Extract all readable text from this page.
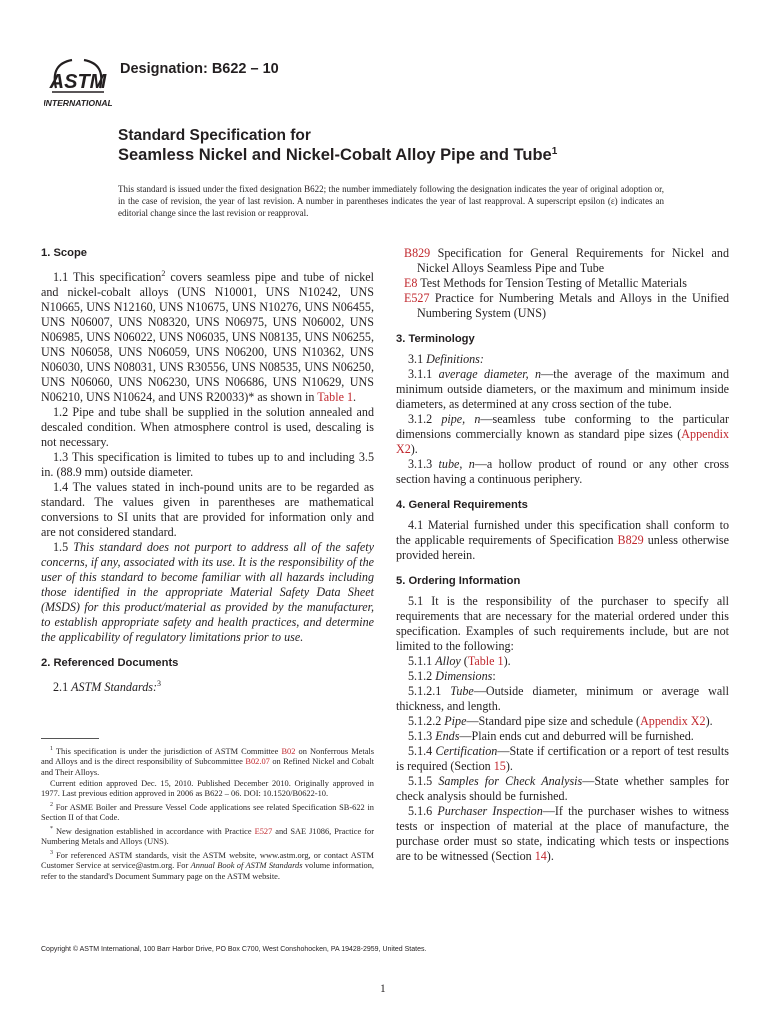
ASTM
INTERNATIONAL
Designation: B622 – 10
Standard Specification for
Seamless Nickel and Nickel-Cobalt Alloy Pipe and Tube$^1$
This standard is issued under the fixed designation B622; the number immediately following the designation indicates the year of original adoption or, in the case of revision, the year of last revision. A number in parentheses indicates the year of last reapproval. A superscript epsilon (ε) indicates an editorial change since the last revision or reapproval.
1. Scope

1.1 This specification$^2$ covers seamless pipe and tube of nickel and nickel-cobalt alloys (UNS N10001, UNS N10242, UNS N10665, UNS N12160, UNS N10675, UNS N10276, UNS N06455, UNS N06007, UNS N08320, UNS N06975, UNS N06002, UNS N06985, UNS N06022, UNS N06035, UNS N08135, UNS N06255, UNS N06058, UNS N06059, UNS N06200, UNS N10362, UNS N06030, UNS N08031, UNS R30556, UNS N08535, UNS N06250, UNS N06060, UNS N06230, UNS N06686, UNS N10629, UNS N06210, UNS N10624, and UNS R20033)* as shown in Table 1.

1.2 Pipe and tube shall be supplied in the solution annealed and descaled condition. When atmosphere control is used, descaling is not necessary.

1.3 This specification is limited to tubes up to and including 3.5 in. (88.9 mm) outside diameter.

1.4 The values stated in inch-pound units are to be regarded as standard. The values given in parentheses are mathematical conversions to SI units that are provided for information only and are not considered standard.

1.5 This standard does not purport to address all of the safety concerns, if any, associated with its use. It is the responsibility of the user of this standard to become familiar with all hazards including those identified in the appropriate Material Safety Data Sheet (MSDS) for this product/material as provided by the manufacturer, to establish appropriate safety and health practices, and determine the applicability of regulatory limitations prior to use.

2. Referenced Documents

2.1 ASTM Standards:$^3$

$^1$ This specification is under the jurisdiction of ASTM Committee B02 on Nonferrous Metals and Alloys and is the direct responsibility of Subcommittee B02.07 on Refined Nickel and Cobalt and Their Alloys.

Current edition approved Dec. 15, 2010. Published December 2010. Originally approved in 1977. Last previous edition approved in 2006 as B622 – 06. DOI: 10.1520/B0622-10.

$^2$ For ASME Boiler and Pressure Vessel Code applications see related Specification SB-622 in Section II of that Code.

* New designation established in accordance with Practice E527 and SAE J1086, Practice for Numbering Metals and Alloys (UNS).

$^3$ For referenced ASTM standards, visit the ASTM website, www.astm.org, or contact ASTM Customer Service at service@astm.org. For Annual Book of ASTM Standards volume information, refer to the standard's Document Summary page on the ASTM website.

B829 Specification for General Requirements for Nickel and Nickel Alloys Seamless Pipe and Tube

E8 Test Methods for Tension Testing of Metallic Materials

E527 Practice for Numbering Metals and Alloys in the Unified Numbering System (UNS)

3. Terminology

3.1 Definitions:

3.1.1 average diameter, n—the average of the maximum and minimum outside diameters, or the maximum and minimum inside diameters, as determined at any cross section of the tube.

3.1.2 pipe, n—seamless tube conforming to the particular dimensions commercially known as standard pipe sizes (Appendix X2).

3.1.3 tube, n—a hollow product of round or any other cross section having a continuous periphery.

4. General Requirements

4.1 Material furnished under this specification shall conform to the applicable requirements of Specification B829 unless otherwise provided herein.

5. Ordering Information

5.1 It is the responsibility of the purchaser to specify all requirements that are necessary for the material ordered under this specification. Examples of such requirements include, but are not limited to the following:

5.1.1 Alloy (Table 1).

5.1.2 Dimensions:

5.1.2.1 Tube—Outside diameter, minimum or average wall thickness, and length.

5.1.2.2 Pipe—Standard pipe size and schedule (Appendix X2).

5.1.3 Ends—Plain ends cut and deburred will be furnished.

5.1.4 Certification—State if certification or a report of test results is required (Section 15).

5.1.5 Samples for Check Analysis—State whether samples for check analysis should be furnished.

5.1.6 Purchaser Inspection—If the purchaser wishes to witness tests or inspection of material at the place of manufacture, the purchase order must so state, indicating which tests or inspections are to be witnessed (Section 14).

Copyright © ASTM International, 100 Barr Harbor Drive, PO Box C700, West Conshohocken, PA 19428-2959, United States.
1
